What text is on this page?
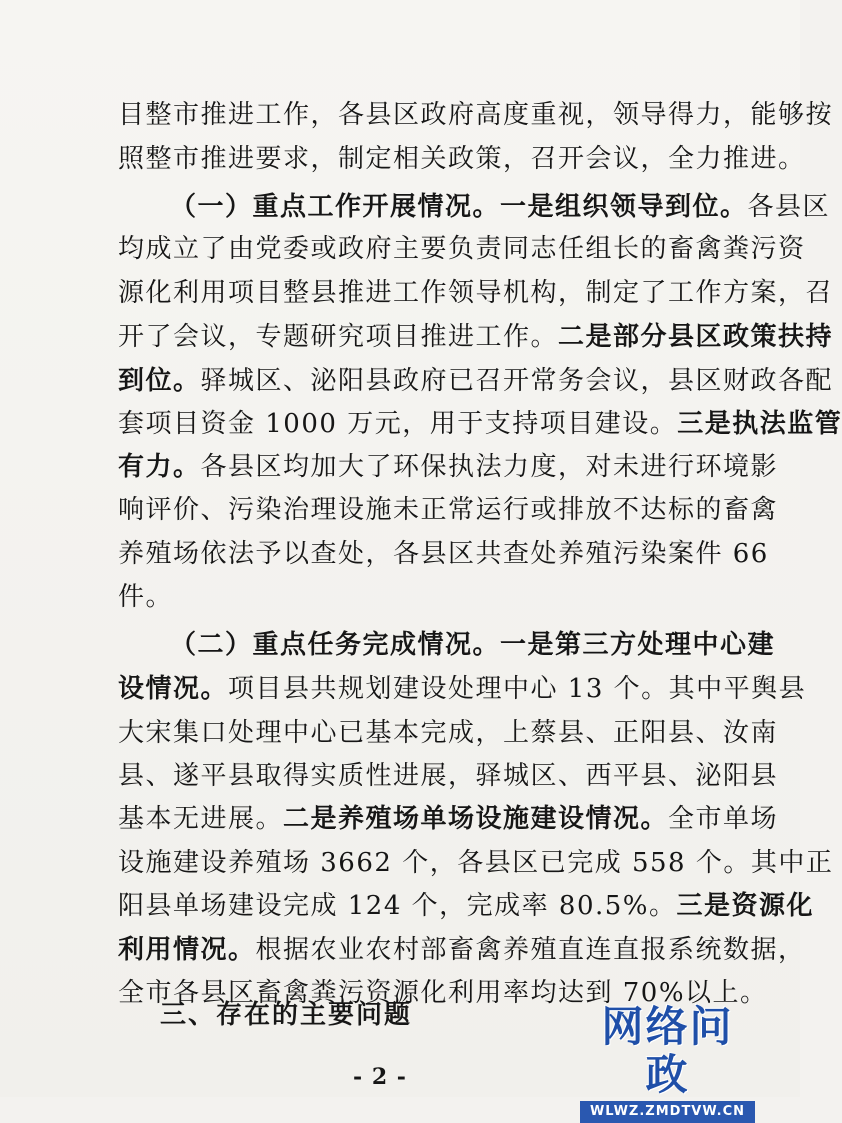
目整市推进工作，各县区政府高度重视，领导得力，能够按
照整市推进要求，制定相关政策，召开会议，全力推进。
（一）重点工作开展情况。一是组织领导到位。各县区
均成立了由党委或政府主要负责同志任组长的畜禽粪污资
源化利用项目整县推进工作领导机构，制定了工作方案，召
开了会议，专题研究项目推进工作。二是部分县区政策扶持
到位。驿城区、泌阳县政府已召开常务会议，县区财政各配
套项目资金 1000 万元，用于支持项目建设。三是执法监管
有力。各县区均加大了环保执法力度，对未进行环境影
响评价、污染治理设施未正常运行或排放不达标的畜禽
养殖场依法予以查处，各县区共查处养殖污染案件 66
件。
（二）重点任务完成情况。一是第三方处理中心建
设情况。项目县共规划建设处理中心 13 个。其中平舆县
大宋集口处理中心已基本完成，上蔡县、正阳县、汝南
县、遂平县取得实质性进展，驿城区、西平县、泌阳县
基本无进展。二是养殖场单场设施建设情况。全市单场
设施建设养殖场 3662 个，各县区已完成 558 个。其中正
阳县单场建设完成 124 个，完成率 80.5%。三是资源化
利用情况。根据农业农村部畜禽养殖直连直报系统数据，
全市各县区畜禽粪污资源化利用率均达到 70%以上。
三、存在的主要问题
- 2 -
网络问政
WLWZ.ZMDTVW.CN
